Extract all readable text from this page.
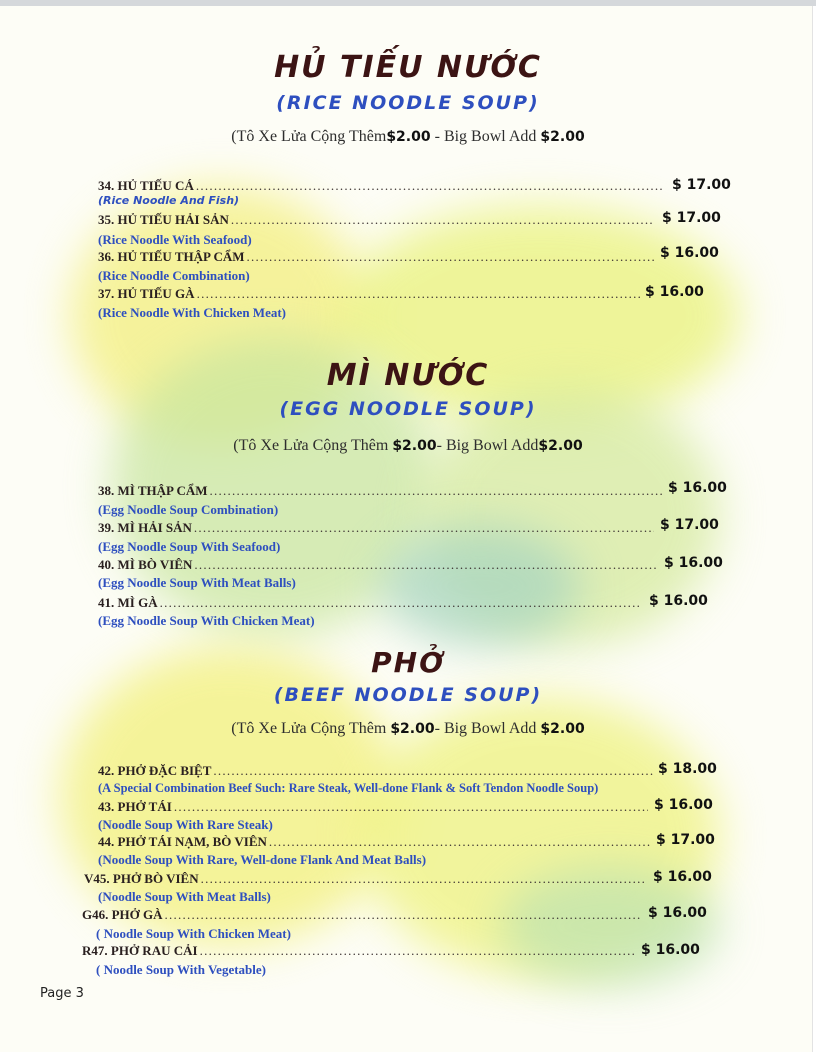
HỦ TIẾU NƯỚC
(RICE NOODLE SOUP)
(Tô Xe Lửa Cộng Thêm$2.00 - Big Bowl Add $2.00
34. HỦ TIẾU CÁ . . .	$ 17.00
(Rice Noodle And Fish)
35. HỦ TIẾU HẢI SẢN . . .	$ 17.00
(Rice Noodle With Seafood)
36. HỦ TIẾU THẬP CẨM . . .	$ 16.00
(Rice Noodle Combination)
37. HỦ TIẾU GÀ . . .	$ 16.00
(Rice Noodle With Chicken Meat)
MÌ NƯỚC
(EGG NOODLE SOUP)
(Tô Xe Lửa Cộng Thêm $2.00- Big Bowl Add$2.00
38. MÌ THẬP CẨM . . .	$ 16.00
(Egg Noodle Soup Combination)
39. MÌ HẢI SẢN . . .	$ 17.00
(Egg Noodle Soup With Seafood)
40. MÌ BÒ VIÊN . . .	$ 16.00
(Egg Noodle Soup With Meat Balls)
41. MÌ GÀ . . .	$ 16.00
(Egg Noodle Soup With Chicken Meat)
PHỞ
(BEEF NOODLE SOUP)
(Tô Xe Lửa Cộng Thêm $2.00- Big Bowl Add $2.00
42. PHỞ ĐẶC BIỆT . . .	$ 18.00
(A Special Combination Beef Such: Rare Steak, Well-done Flank & Soft Tendon Noodle Soup)
43. PHỞ TÁI . . .	$ 16.00
(Noodle Soup With Rare Steak)
44. PHỞ TÁI NẠM, BÒ VIÊN . . .	$ 17.00
(Noodle Soup With Rare, Well-done Flank And Meat Balls)
V45. PHỞ BÒ VIÊN . . .	$ 16.00
(Noodle Soup With Meat Balls)
G46. PHỞ GÀ . . .	$ 16.00
( Noodle Soup With Chicken Meat)
R47. PHỞ RAU CẢI . . .	$ 16.00
( Noodle Soup With Vegetable)
Page 3
